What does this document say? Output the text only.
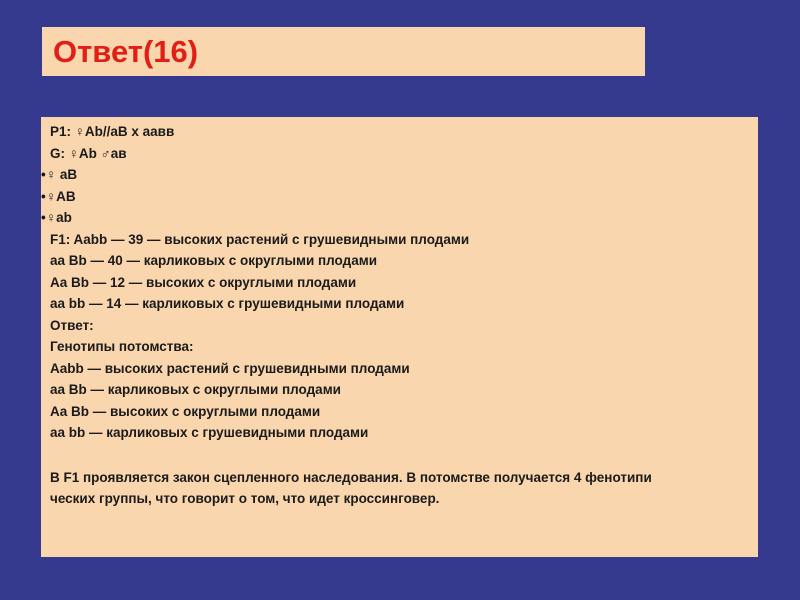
Ответ(16)
P1: ♀Ab//aB x аавв
G: ♀Ab ♂ав
•♀ aB
•♀AB
•♀ab
F1: Aabb — 39 — высоких растений с грушевидными плодами
aa Bb — 40 — карликовых с округлыми плодами
Aa Bb — 12 — высоких с округлыми плодами
aa bb — 14 — карликовых с грушевидными плодами
Ответ:
Генотипы потомства:
Aabb — высоких растений с грушевидными плодами
aa Bb — карликовых с округлыми плодами
Aa Bb — высоких с округлыми плодами
aa bb — карликовых с грушевидными плодами
В F1 проявляется закон сцепленного наследования. В потомстве получается 4 фенотипи
ческих группы, что говорит о том, что идет кроссинговер.
